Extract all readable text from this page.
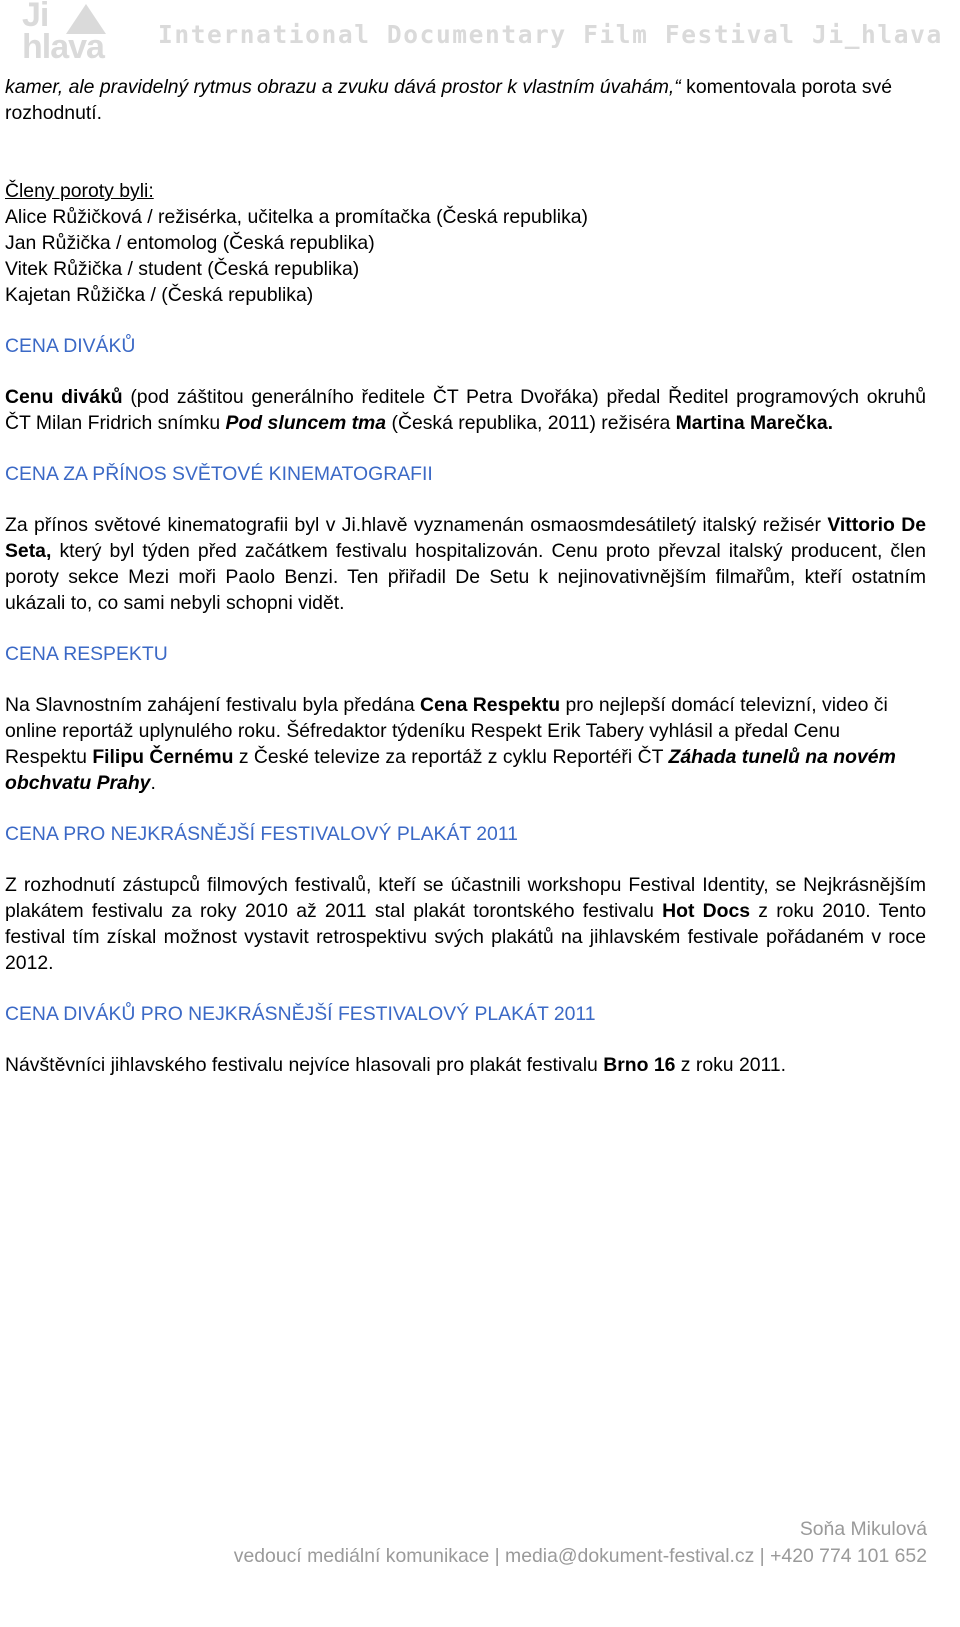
Ji
hlava International Documentary Film Festival Ji_hlava

kamer, ale pravidelný rytmus obrazu a zvuku dává prostor k vlastním úvahám,“ komentovala porota své rozhodnutí.

Členy poroty byli:

Alice Růžičková / režisérka, učitelka a promítačka (Česká republika)

Jan Růžička / entomolog (Česká republika)

Vitek Růžička / student (Česká republika)

Kajetan Růžička / (Česká republika)

CENA DIVÁKŮ

Cenu diváků (pod záštitou generálního ředitele ČT Petra Dvořáka) předal Ředitel programových okruhů ČT Milan Fridrich snímku Pod sluncem tma (Česká republika, 2011) režiséra Martina Marečka.

CENA ZA PŘÍNOS SVĚTOVÉ KINEMATOGRAFII

Za přínos světové kinematografii byl v Ji.hlavě vyznamenán osmaosmdesátiletý italský režisér Vittorio De Seta, který byl týden před začátkem festivalu hospitalizován. Cenu proto převzal italský producent, člen poroty sekce Mezi moři Paolo Benzi. Ten přiřadil De Setu k nejinovativnějším filmařům, kteří ostatním ukázali to, co sami nebyli schopni vidět.

CENA RESPEKTU

Na Slavnostním zahájení festivalu byla předána Cena Respektu pro nejlepší domácí televizní, video či online reportáž uplynulého roku. Šéfredaktor týdeníku Respekt Erik Tabery vyhlásil a předal Cenu Respektu Filipu Černému z České televize za reportáž z cyklu Reportéři ČT Záhada tunelů na novém obchvatu Prahy.

CENA PRO NEJKRÁSNĚJŠÍ FESTIVALOVÝ PLAKÁT 2011

Z rozhodnutí zástupců filmových festivalů, kteří se účastnili workshopu Festival Identity, se Nejkrásnějším plakátem festivalu za roky 2010 až 2011 stal plakát torontského festivalu Hot Docs z roku 2010. Tento festival tím získal možnost vystavit retrospektivu svých plakátů na jihlavském festivale pořádaném v roce 2012.

CENA DIVÁKŮ PRO NEJKRÁSNĚJŠÍ FESTIVALOVÝ PLAKÁT 2011

Návštěvníci jihlavského festivalu nejvíce hlasovali pro plakát festivalu Brno 16 z roku 2011.

Soňa Mikulová
vedoucí mediální komunikace | media@dokument-festival.cz | +420 774 101 652
